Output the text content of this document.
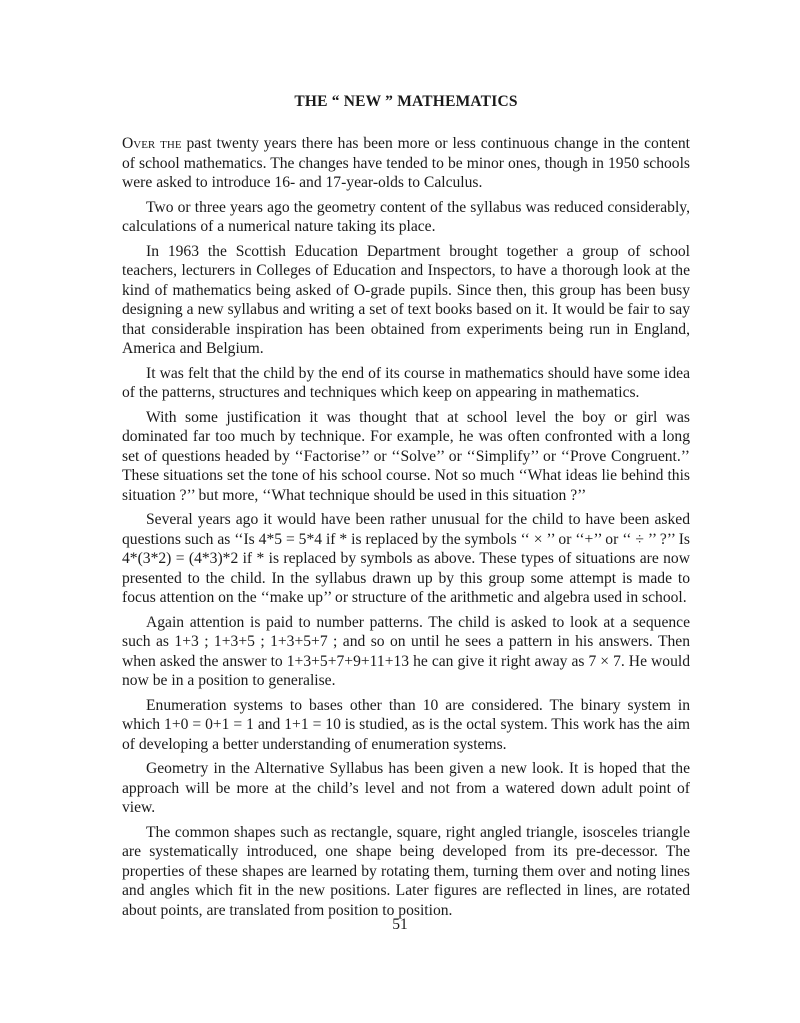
THE “ NEW ” MATHEMATICS

Over the past twenty years there has been more or less continuous change in the content of school mathematics. The changes have tended to be minor ones, though in 1950 schools were asked to introduce 16- and 17-year-olds to Calculus.

Two or three years ago the geometry content of the syllabus was reduced considerably, calculations of a numerical nature taking its place.

In 1963 the Scottish Education Department brought together a group of school teachers, lecturers in Colleges of Education and Inspectors, to have a thorough look at the kind of mathematics being asked of O-grade pupils. Since then, this group has been busy designing a new syllabus and writing a set of text books based on it. It would be fair to say that considerable inspiration has been obtained from experiments being run in England, America and Belgium.

It was felt that the child by the end of its course in mathematics should have some idea of the patterns, structures and techniques which keep on appearing in mathematics.

With some justification it was thought that at school level the boy or girl was dominated far too much by technique. For example, he was often confronted with a long set of questions headed by ‘‘Factorise’’ or ‘‘Solve’’ or ‘‘Simplify’’ or ‘‘Prove Congruent.’’ These situations set the tone of his school course. Not so much ‘‘What ideas lie behind this situation ?’’ but more, ‘‘What technique should be used in this situation ?’’

Several years ago it would have been rather unusual for the child to have been asked questions such as ‘‘Is 4*5 = 5*4 if * is replaced by the symbols ‘‘ × ’’ or ‘‘+’’ or ‘‘ ÷ ’’ ?’’ Is 4*(3*2) = (4*3)*2 if * is replaced by symbols as above. These types of situations are now presented to the child. In the syllabus drawn up by this group some attempt is made to focus attention on the ‘‘make up’’ or structure of the arithmetic and algebra used in school.

Again attention is paid to number patterns. The child is asked to look at a sequence such as 1+3 ; 1+3+5 ; 1+3+5+7 ; and so on until he sees a pattern in his answers. Then when asked the answer to 1+3+5+7+9+11+13 he can give it right away as 7 × 7. He would now be in a position to generalise.

Enumeration systems to bases other than 10 are considered. The binary system in which 1+0 = 0+1 = 1 and 1+1 = 10 is studied, as is the octal system. This work has the aim of developing a better understanding of enumeration systems.

Geometry in the Alternative Syllabus has been given a new look. It is hoped that the approach will be more at the child’s level and not from a watered down adult point of view.

The common shapes such as rectangle, square, right angled triangle, isosceles triangle are systematically introduced, one shape being developed from its pre-decessor. The properties of these shapes are learned by rotating them, turning them over and noting lines and angles which fit in the new positions. Later figures are reflected in lines, are rotated about points, are translated from position to position.

51
